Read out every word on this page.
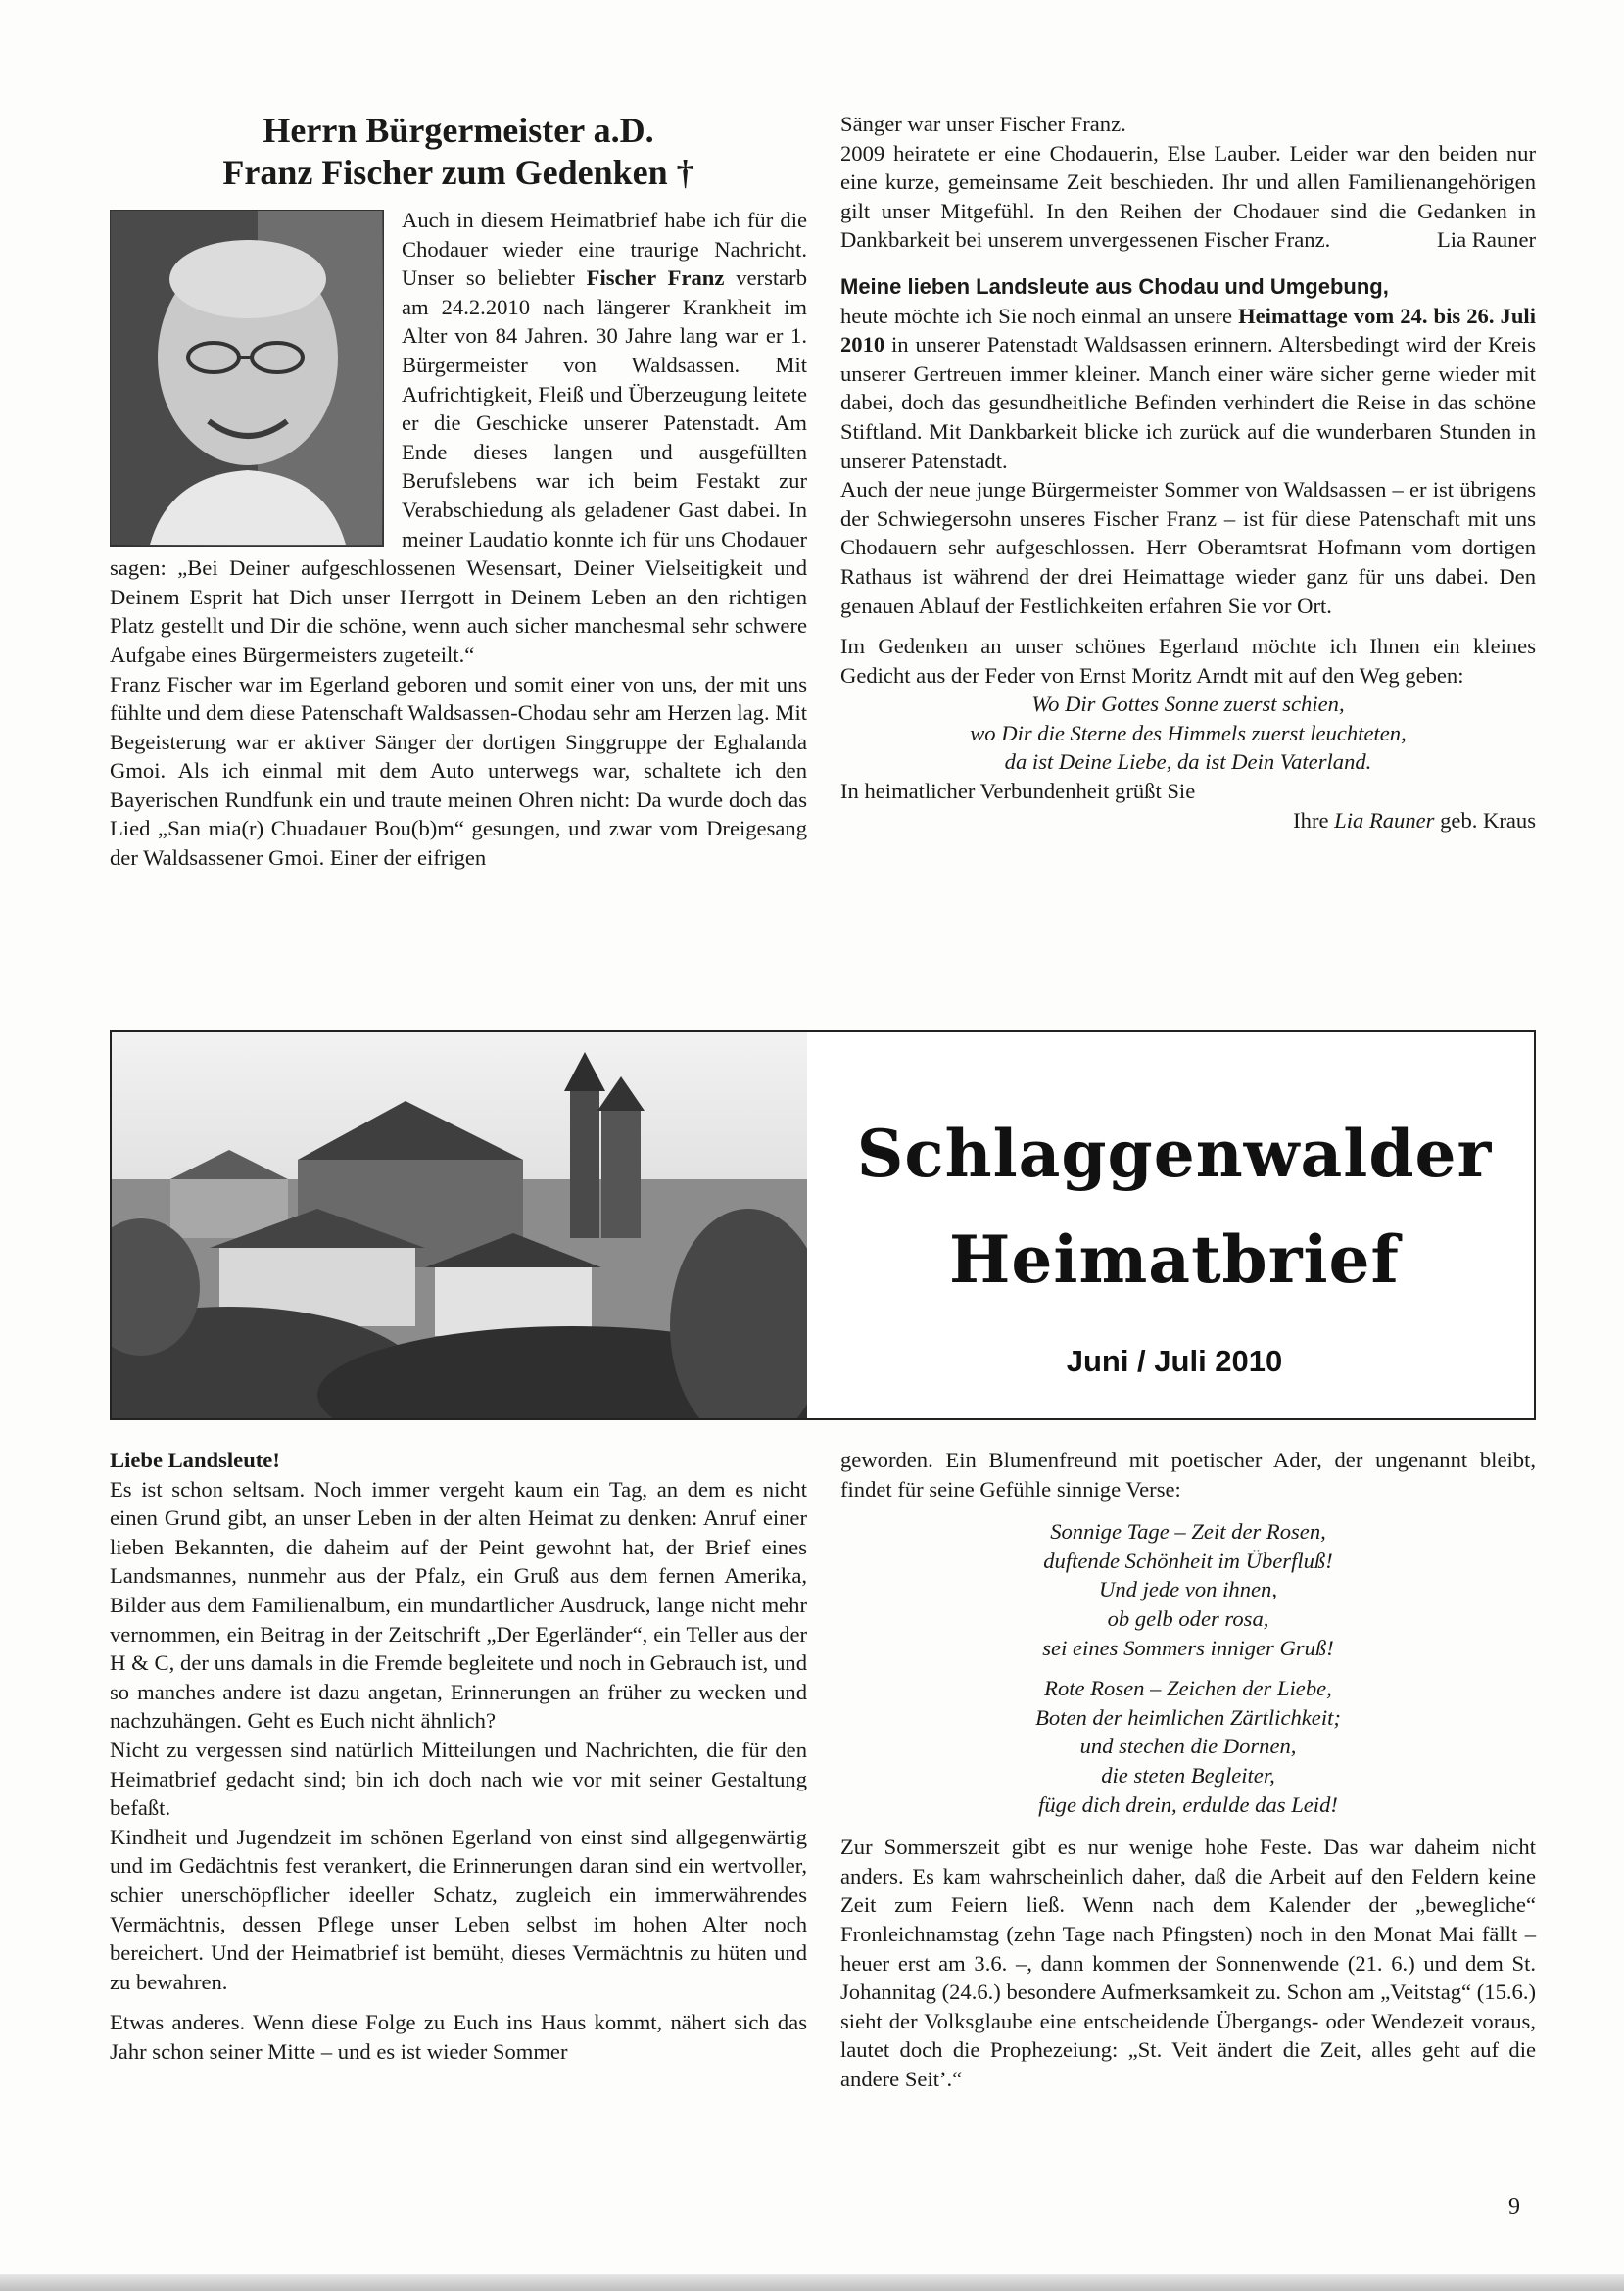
Herrn Bürgermeister a.D.
Franz Fischer zum Gedenken †

Auch in diesem Heimatbrief habe ich für die Chodauer wieder eine traurige Nachricht. Unser so beliebter Fischer Franz verstarb am 24.2.2010 nach längerer Krankheit im Alter von 84 Jahren. 30 Jahre lang war er 1. Bürgermeister von Waldsassen. Mit Aufrichtigkeit, Fleiß und Überzeugung leitete er die Geschicke unserer Patenstadt. Am Ende dieses langen und ausgefüllten Berufslebens war ich beim Festakt zur Verabschiedung als geladener Gast dabei. In meiner Laudatio konnte ich für uns Chodauer sagen: „Bei Deiner aufgeschlossenen Wesensart, Deiner Vielseitigkeit und Deinem Esprit hat Dich unser Herrgott in Deinem Leben an den richtigen Platz gestellt und Dir die schöne, wenn auch sicher manchesmal sehr schwere Aufgabe eines Bürgermeisters zugeteilt.“

Franz Fischer war im Egerland geboren und somit einer von uns, der mit uns fühlte und dem diese Patenschaft Waldsassen-Chodau sehr am Herzen lag. Mit Begeisterung war er aktiver Sänger der dortigen Singgruppe der Eghalanda Gmoi. Als ich einmal mit dem Auto unterwegs war, schaltete ich den Bayerischen Rundfunk ein und traute meinen Ohren nicht: Da wurde doch das Lied „San mia(r) Chuadauer Bou(b)m“ gesungen, und zwar vom Dreigesang der Waldsassener Gmoi. Einer der eifrigen

Sänger war unser Fischer Franz.

2009 heiratete er eine Chodauerin, Else Lauber. Leider war den beiden nur eine kurze, gemeinsame Zeit beschieden. Ihr und allen Familienangehörigen gilt unser Mitgefühl. In den Reihen der Chodauer sind die Gedanken in Dankbarkeit bei unserem unvergessenen Fischer Franz.	Lia Rauner

Meine lieben Landsleute aus Chodau und Umgebung,

heute möchte ich Sie noch einmal an unsere Heimattage vom 24. bis 26. Juli 2010 in unserer Patenstadt Waldsassen erinnern. Altersbedingt wird der Kreis unserer Gertreuen immer kleiner. Manch einer wäre sicher gerne wieder mit dabei, doch das gesundheitliche Befinden verhindert die Reise in das schöne Stiftland. Mit Dankbarkeit blicke ich zurück auf die wunderbaren Stunden in unserer Patenstadt.

Auch der neue junge Bürgermeister Sommer von Waldsassen – er ist übrigens der Schwiegersohn unseres Fischer Franz – ist für diese Patenschaft mit uns Chodauern sehr aufgeschlossen. Herr Oberamtsrat Hofmann vom dortigen Rathaus ist während der drei Heimattage wieder ganz für uns dabei. Den genauen Ablauf der Festlichkeiten erfahren Sie vor Ort.

Im Gedenken an unser schönes Egerland möchte ich Ihnen ein kleines Gedicht aus der Feder von Ernst Moritz Arndt mit auf den Weg geben:

Wo Dir Gottes Sonne zuerst schien,
wo Dir die Sterne des Himmels zuerst leuchteten,
da ist Deine Liebe, da ist Dein Vaterland.

In heimatlicher Verbundenheit grüßt Sie

Ihre Lia Rauner geb. Kraus

Schlaggenwalder
Heimatbrief
Juni / Juli 2010

Liebe Landsleute!

Es ist schon seltsam. Noch immer vergeht kaum ein Tag, an dem es nicht einen Grund gibt, an unser Leben in der alten Heimat zu denken: Anruf einer lieben Bekannten, die daheim auf der Peint gewohnt hat, der Brief eines Landsmannes, nunmehr aus der Pfalz, ein Gruß aus dem fernen Amerika, Bilder aus dem Familienalbum, ein mundartlicher Ausdruck, lange nicht mehr vernommen, ein Beitrag in der Zeitschrift „Der Egerländer“, ein Teller aus der H & C, der uns damals in die Fremde begleitete und noch in Gebrauch ist, und so manches andere ist dazu angetan, Erinnerungen an früher zu wecken und nachzuhängen. Geht es Euch nicht ähnlich?

Nicht zu vergessen sind natürlich Mitteilungen und Nachrichten, die für den Heimatbrief gedacht sind; bin ich doch nach wie vor mit seiner Gestaltung befaßt.

Kindheit und Jugendzeit im schönen Egerland von einst sind allgegenwärtig und im Gedächtnis fest verankert, die Erinnerungen daran sind ein wertvoller, schier unerschöpflicher ideeller Schatz, zugleich ein immerwährendes Vermächtnis, dessen Pflege unser Leben selbst im hohen Alter noch bereichert. Und der Heimatbrief ist bemüht, dieses Vermächtnis zu hüten und zu bewahren.

Etwas anderes. Wenn diese Folge zu Euch ins Haus kommt, nähert sich das Jahr schon seiner Mitte – und es ist wieder Sommer

geworden. Ein Blumenfreund mit poetischer Ader, der ungenannt bleibt, findet für seine Gefühle sinnige Verse:

Sonnige Tage – Zeit der Rosen,
duftende Schönheit im Überfluß!
Und jede von ihnen,
ob gelb oder rosa,
sei eines Sommers inniger Gruß!
Rote Rosen – Zeichen der Liebe,
Boten der heimlichen Zärtlichkeit;
und stechen die Dornen,
die steten Begleiter,
füge dich drein, erdulde das Leid!

Zur Sommerszeit gibt es nur wenige hohe Feste. Das war daheim nicht anders. Es kam wahrscheinlich daher, daß die Arbeit auf den Feldern keine Zeit zum Feiern ließ. Wenn nach dem Kalender der „bewegliche“ Fronleichnamstag (zehn Tage nach Pfingsten) noch in den Monat Mai fällt – heuer erst am 3.6. –, dann kommen der Sonnenwende (21. 6.) und dem St. Johannitag (24.6.) besondere Aufmerksamkeit zu. Schon am „Veitstag“ (15.6.) sieht der Volksglaube eine entscheidende Übergangs- oder Wendezeit voraus, lautet doch die Prophezeiung: „St. Veit ändert die Zeit, alles geht auf die andere Seit’.“

9
